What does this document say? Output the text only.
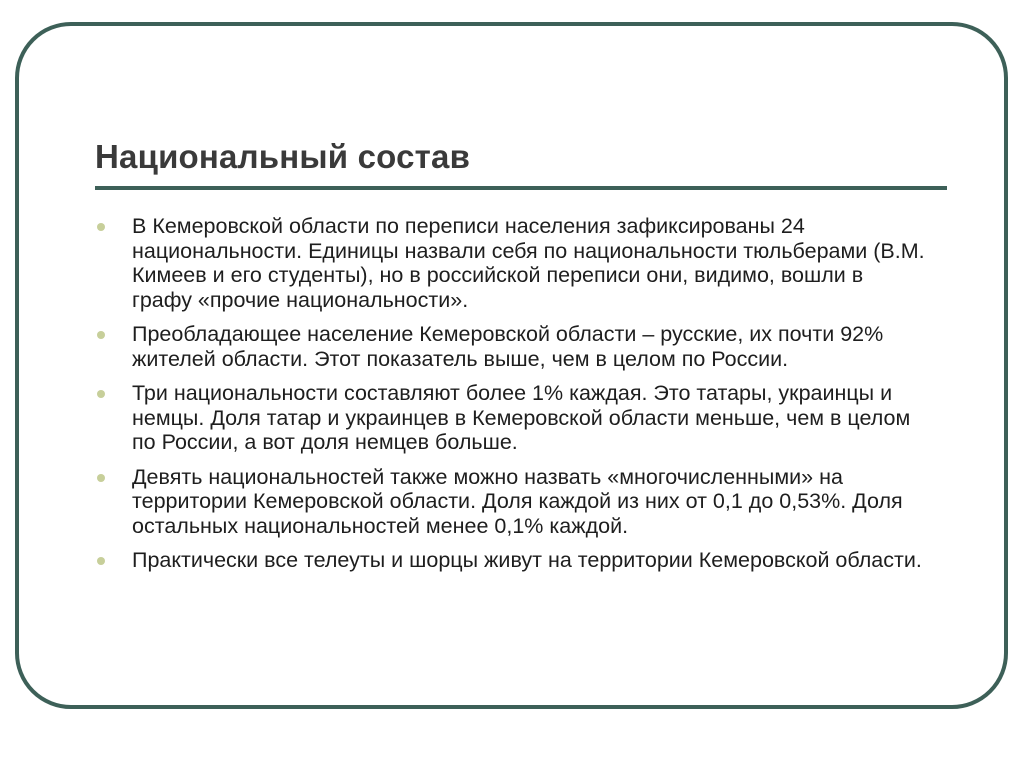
Национальный состав
В Кемеровской области по переписи населения зафиксированы 24 национальности. Единицы назвали себя по национальности тюльберами (В.М. Кимеев и его студенты), но в российской переписи они, видимо, вошли в графу «прочие национальности».
Преобладающее население Кемеровской области – русские, их почти 92% жителей области. Этот показатель выше, чем в целом по России.
Три национальности составляют более 1% каждая. Это татары, украинцы и немцы. Доля татар и украинцев в Кемеровской области меньше, чем в целом по России, а вот доля немцев больше.
Девять национальностей также можно назвать «многочисленными» на территории Кемеровской области. Доля каждой из них от 0,1 до 0,53%. Доля остальных национальностей менее 0,1% каждой.
Практически все телеуты и шорцы живут на территории Кемеровской области.
